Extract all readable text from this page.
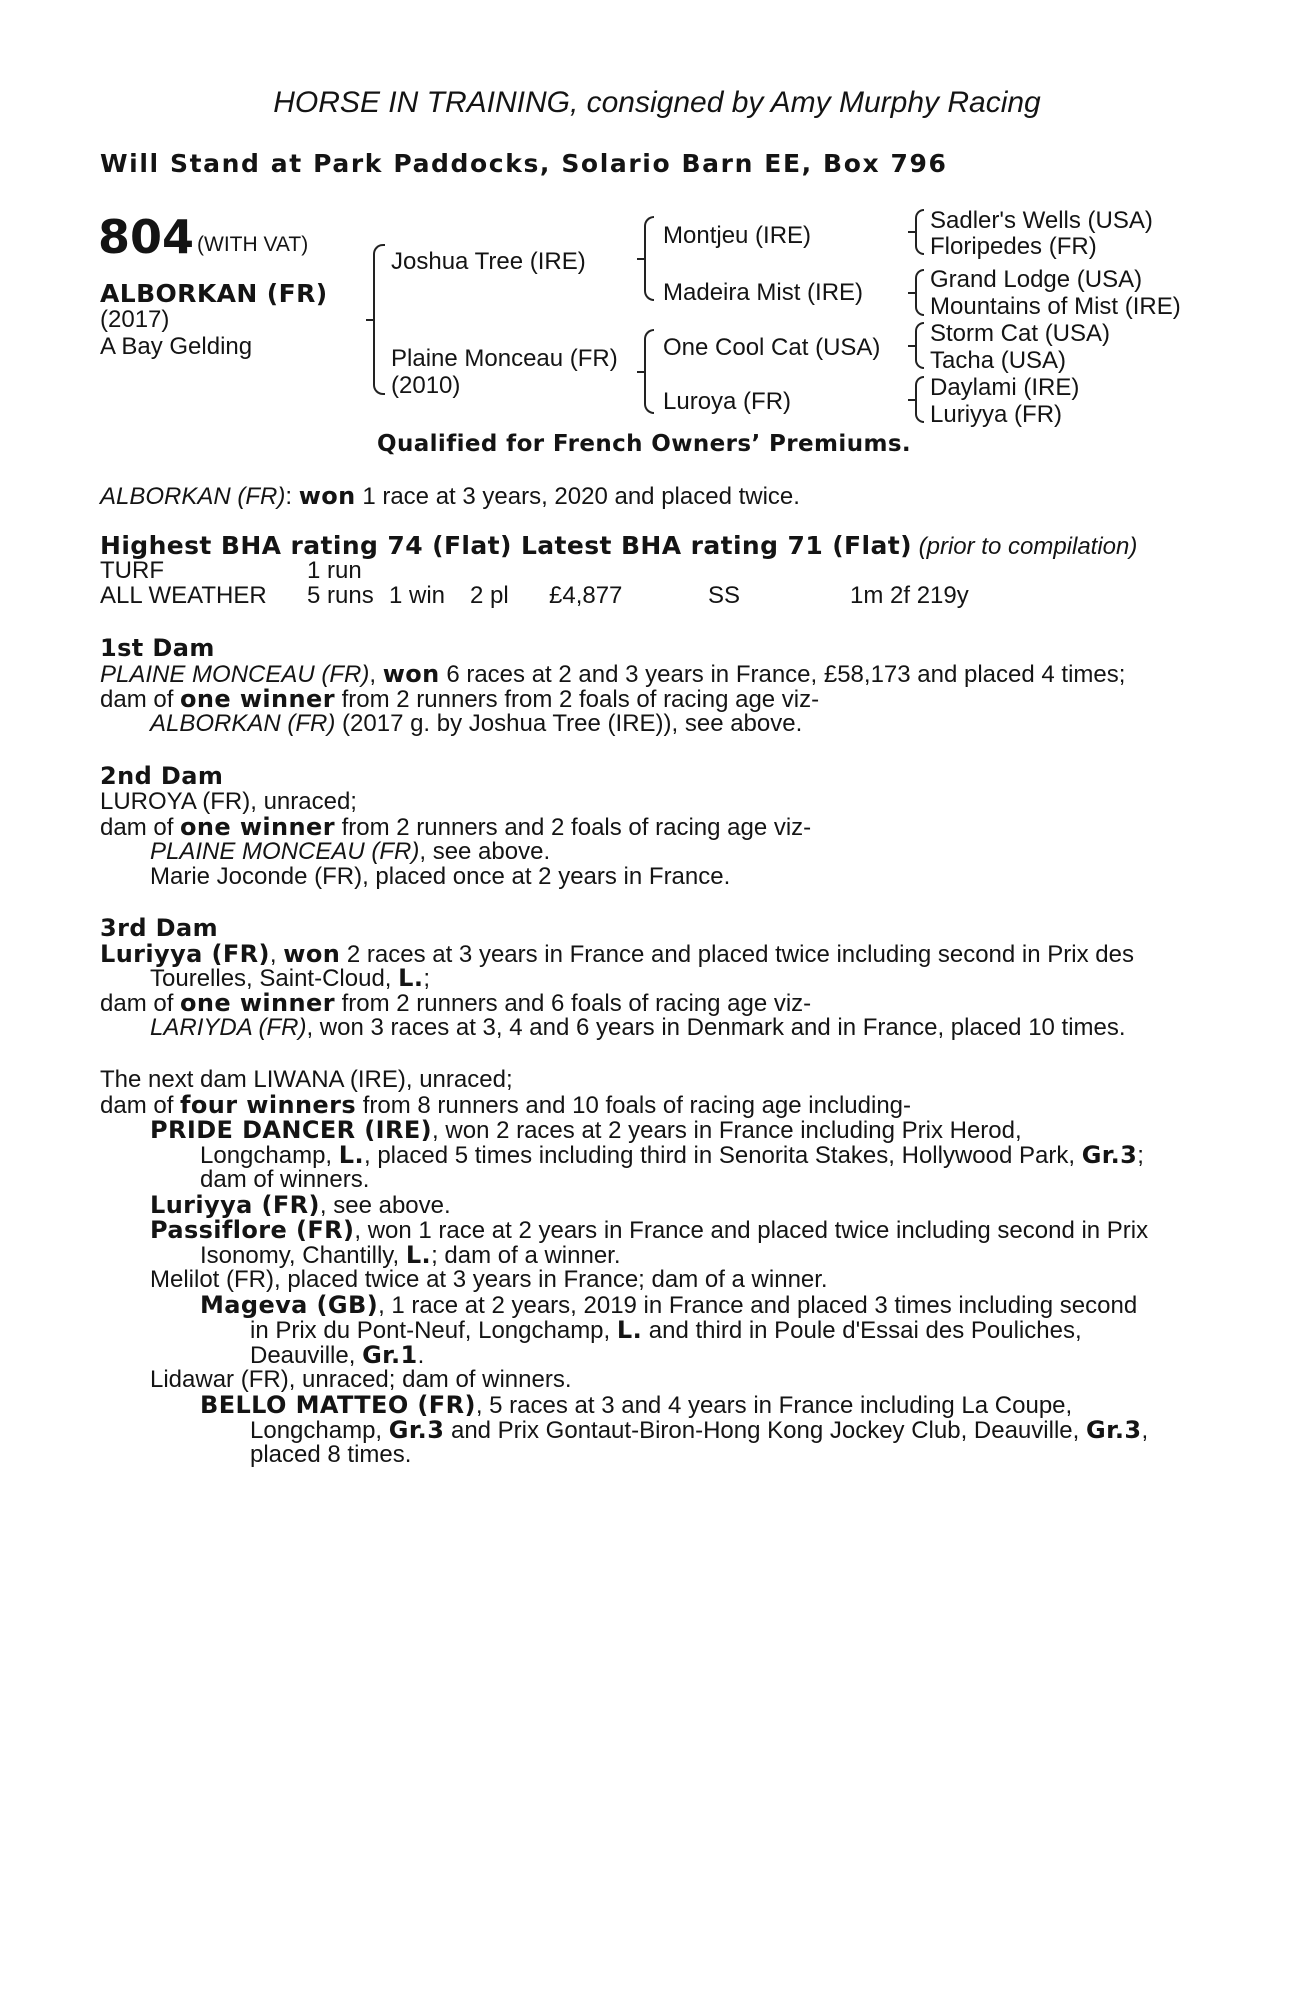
HORSE IN TRAINING, consigned by Amy Murphy Racing
Will Stand at Park Paddocks, Solario Barn EE, Box 796
804 (WITH VAT)
ALBORKAN (FR)
(2017)
A Bay Gelding
Joshua Tree (IRE)
Plaine Monceau (FR)
(2010)
Montjeu (IRE)
Madeira Mist (IRE)
One Cool Cat (USA)
Luroya (FR)
Sadler's Wells (USA)
Floripedes (FR)
Grand Lodge (USA)
Mountains of Mist (IRE)
Storm Cat (USA)
Tacha (USA)
Daylami (IRE)
Luriyya (FR)
Qualified for French Owners’ Premiums.
ALBORKAN (FR): won 1 race at 3 years, 2020 and placed twice.
Highest BHA rating 74 (Flat) Latest BHA rating 71 (Flat) (prior to compilation)
TURF	1 run
ALL WEATHER 5 runs 1 win 2 pl £4,877	SS	1m 2f 219y
1st Dam
PLAINE MONCEAU (FR), won 6 races at 2 and 3 years in France, £58,173 and placed 4 times;
dam of one winner from 2 runners from 2 foals of racing age viz-
ALBORKAN (FR) (2017 g. by Joshua Tree (IRE)), see above.
2nd Dam
LUROYA (FR), unraced;
dam of one winner from 2 runners and 2 foals of racing age viz-
PLAINE MONCEAU (FR), see above.
Marie Joconde (FR), placed once at 2 years in France.
3rd Dam
Luriyya (FR), won 2 races at 3 years in France and placed twice including second in Prix des
Tourelles, Saint-Cloud, L.;
dam of one winner from 2 runners and 6 foals of racing age viz-
LARIYDA (FR), won 3 races at 3, 4 and 6 years in Denmark and in France, placed 10 times.
The next dam LIWANA (IRE), unraced;
dam of four winners from 8 runners and 10 foals of racing age including-
PRIDE DANCER (IRE), won 2 races at 2 years in France including Prix Herod,
Longchamp, L., placed 5 times including third in Senorita Stakes, Hollywood Park, Gr.3;
dam of winners.
Luriyya (FR), see above.
Passiflore (FR), won 1 race at 2 years in France and placed twice including second in Prix
Isonomy, Chantilly, L.; dam of a winner.
Melilot (FR), placed twice at 3 years in France; dam of a winner.
Mageva (GB), 1 race at 2 years, 2019 in France and placed 3 times including second
in Prix du Pont-Neuf, Longchamp, L. and third in Poule d'Essai des Pouliches,
Deauville, Gr.1.
Lidawar (FR), unraced; dam of winners.
BELLO MATTEO (FR), 5 races at 3 and 4 years in France including La Coupe,
Longchamp, Gr.3 and Prix Gontaut-Biron-Hong Kong Jockey Club, Deauville, Gr.3,
placed 8 times.
